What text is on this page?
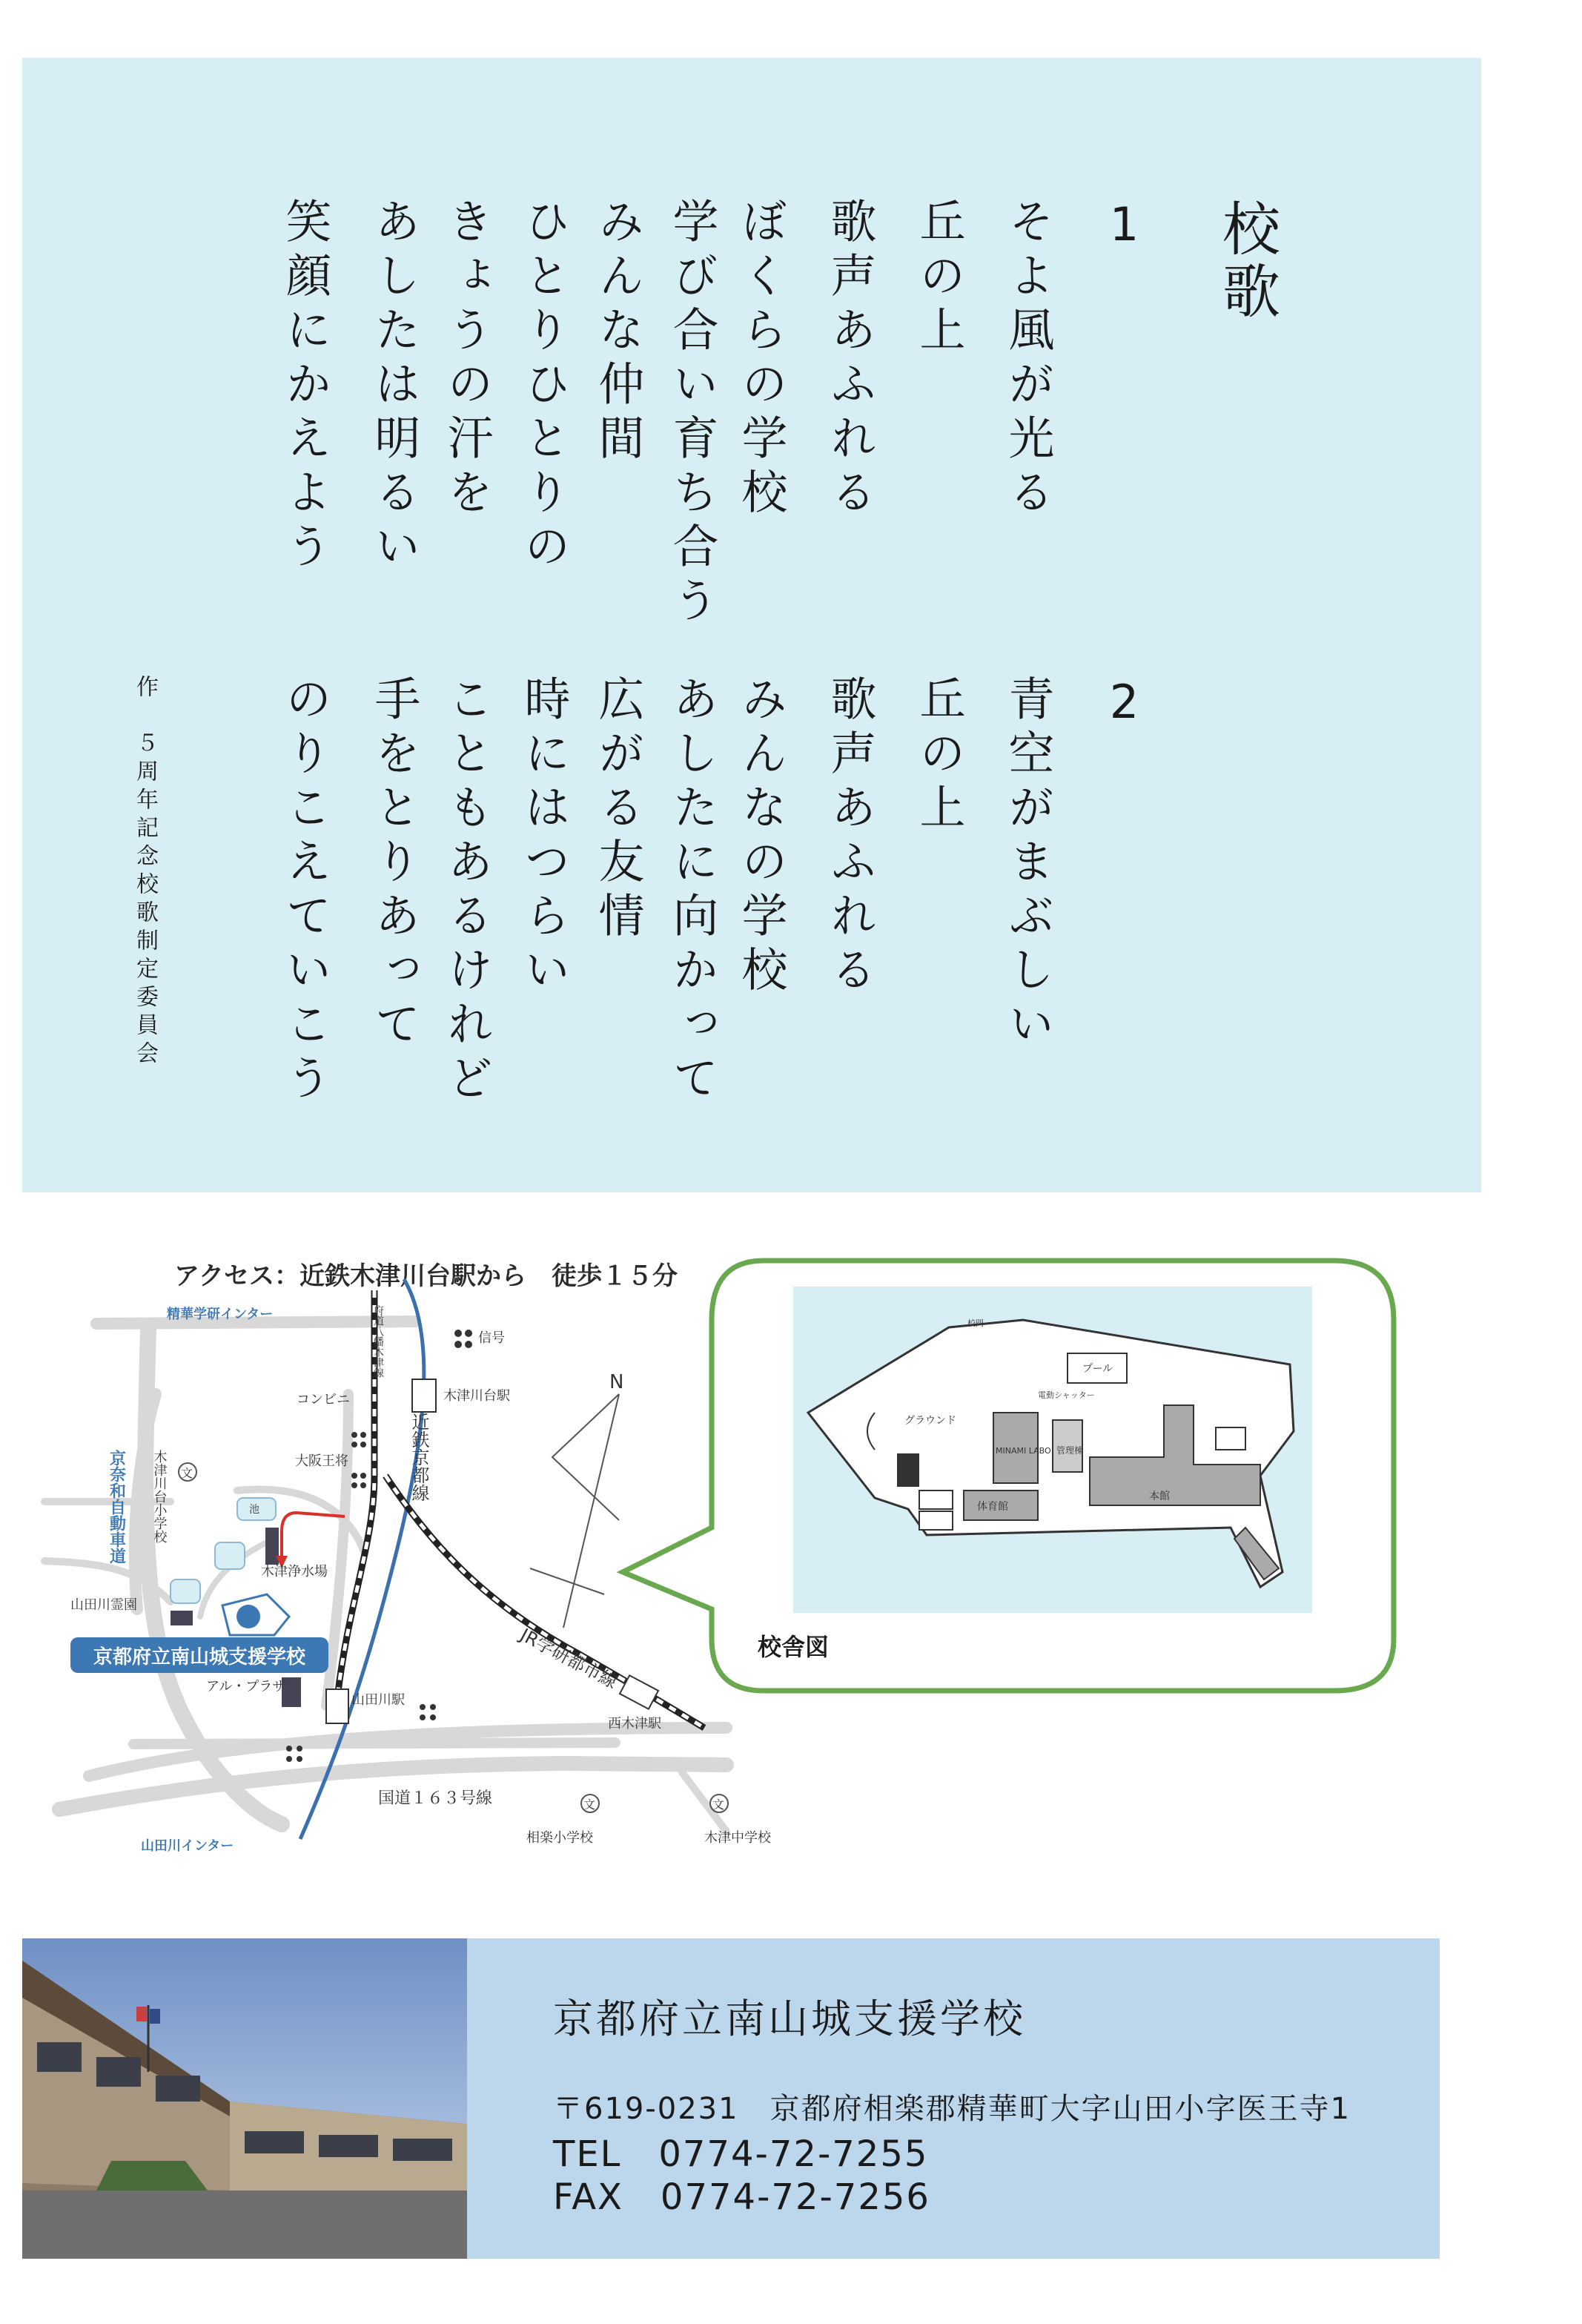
校歌
1
そよ風が光る
丘の上
歌声あふれる
ぼくらの学校
学び合い育ち合う
みんな仲間
ひとりひとりの
きょうの汗を
あしたは明るい
笑顔にかえよう
2
青空がまぶしい
丘の上
歌声あふれる
みんなの学校
あしたに向かって
広がる友情
時にはつらい
こともあるけれど
手をとりあって
のりこえていこう
作　５周年記念校歌制定委員会
アクセス：近鉄木津川台駅から　徒歩１５分
精華学研インター
信号
木津川台駅
コンビニ
大阪王将
木津浄水場
山田川霊園
アル・プラザ
山田川駅
西木津駅
国道１６３号線
山田川インター
相楽小学校	木津中学校
N
池
JR学研都市線
近鉄京都線
京奈和自動車道 木津川台小学校
府道八幡木津線
文
文	文
京都府立南山城支援学校
プール
電動シャッター
グラウンド
MINAMI LABO 管理棟
体育館
本館
校門
校舎図
京都府立南山城支援学校
〒619-0231　京都府相楽郡精華町大字山田小字医王寺1
TEL　0774-72-7255
FAX　0774-72-7256
